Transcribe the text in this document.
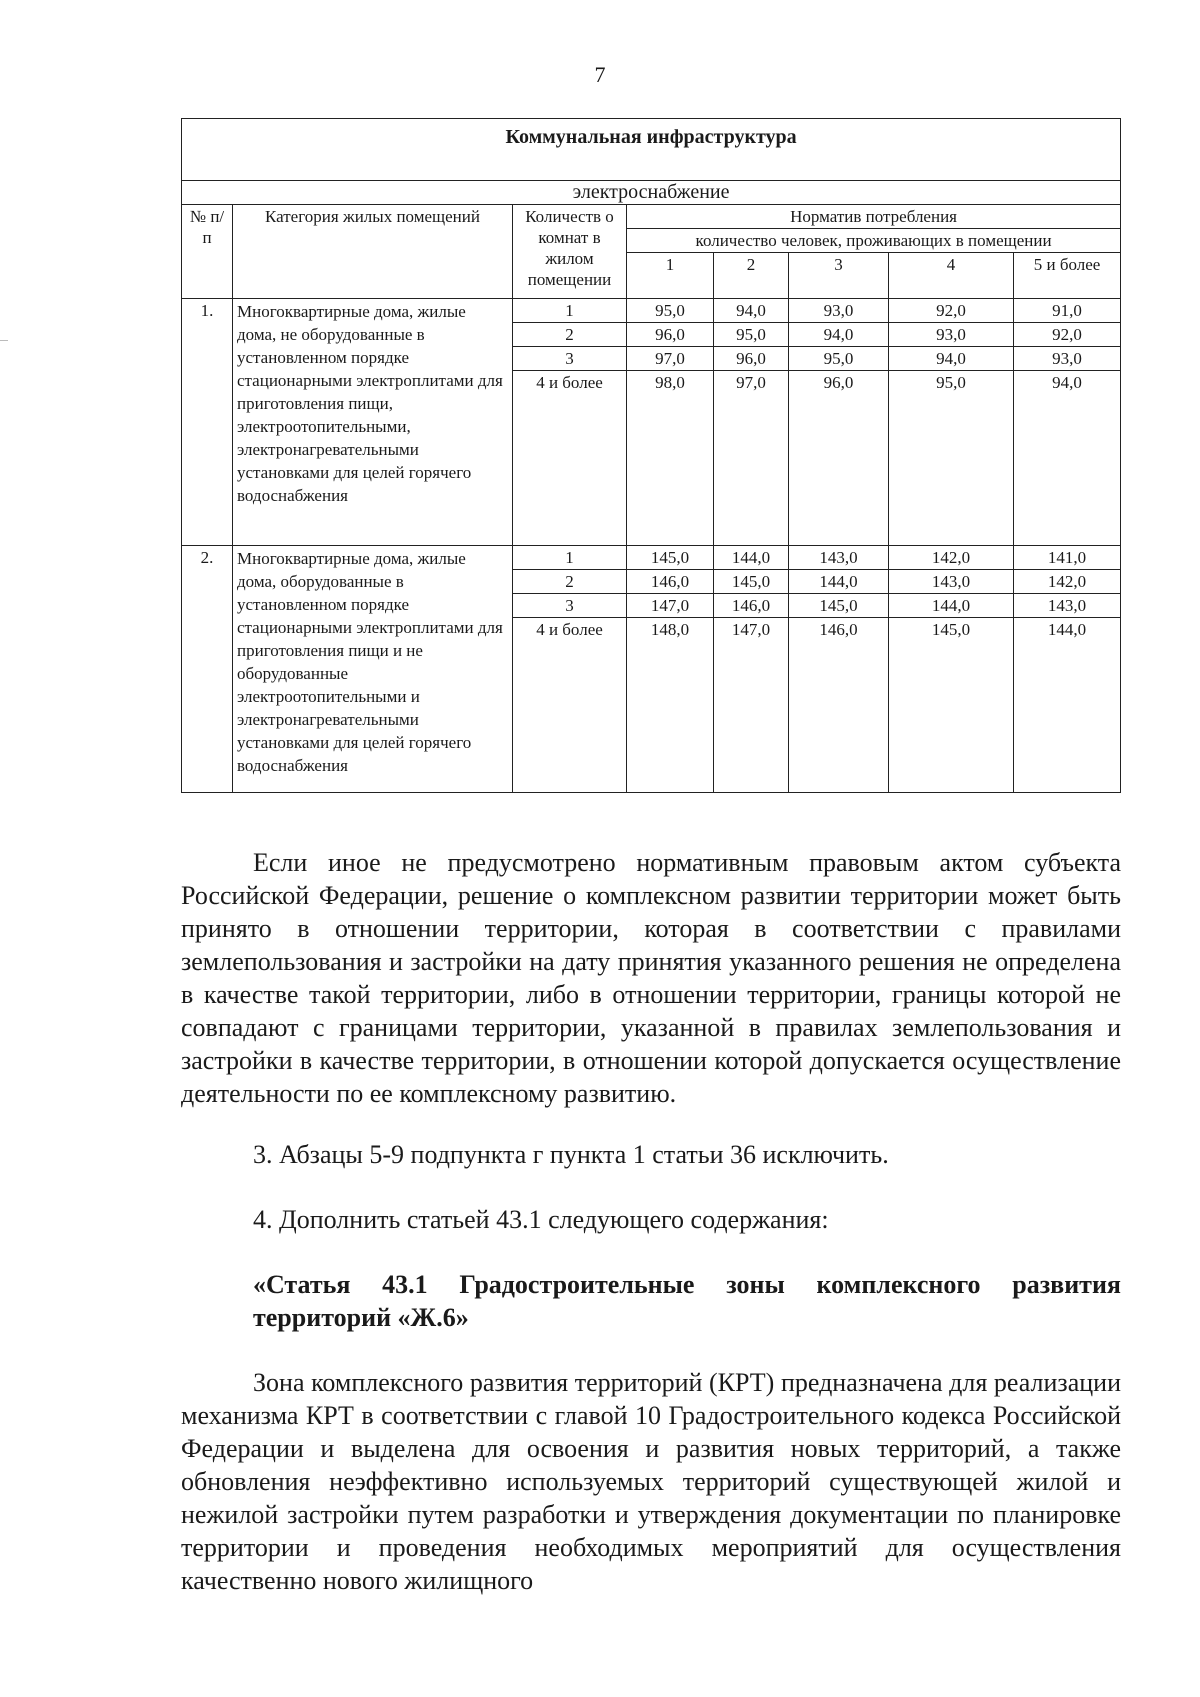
7
Коммунальная инфраструктура							
электроснабжение							
№ п/п	Категория жилых помещений	Количеств о комнат в жилом помещении	Норматив потребления				
			количество человек, проживающих в помещении				
			1	2	3	4	5 и более
1.	Многоквартирные дома, жилые дома, не оборудованные в установленном порядке стационарными электроплитами для приготовления пищи, электроотопительными, электронагревательными установками для целей горячего водоснабжения	1	95,0	94,0	93,0	92,0	91,0
		2	96,0	95,0	94,0	93,0	92,0
		3	97,0	96,0	95,0	94,0	93,0
		4 и более	98,0	97,0	96,0	95,0	94,0
2.	Многоквартирные дома, жилые дома, оборудованные в установленном порядке стационарными электроплитами для приготовления пищи и не оборудованные электроотопительными и электронагревательными установками для целей горячего водоснабжения	1	145,0	144,0	143,0	142,0	141,0
		2	146,0	145,0	144,0	143,0	142,0
		3	147,0	146,0	145,0	144,0	143,0
		4 и более	148,0	147,0	146,0	145,0	144,0

Если иное не предусмотрено нормативным правовым актом субъекта Российской Федерации, решение о комплексном развитии территории может быть принято в отношении территории, которая в соответствии с правилами землепользования и застройки на дату принятия указанного решения не определена в качестве такой территории, либо в отношении территории, границы которой не совпадают с границами территории, указанной в правилах землепользования и застройки в качестве территории, в отношении которой допускается осуществление деятельности по ее комплексному развитию.

3. Абзацы 5-9 подпункта г пункта 1 статьи 36 исключить.

4. Дополнить статьей 43.1 следующего содержания:

«Статья 43.1 Градостроительные зоны комплексного развития территорий «Ж.6»

Зона комплексного развития территорий (КРТ) предназначена для реализации механизма КРТ в соответствии с главой 10 Градостроительного кодекса Российской Федерации и выделена для освоения и развития новых территорий, а также обновления неэффективно используемых территорий существующей жилой и нежилой застройки путем разработки и утверждения документации по планировке территории и проведения необходимых мероприятий для осуществления качественно нового жилищного
